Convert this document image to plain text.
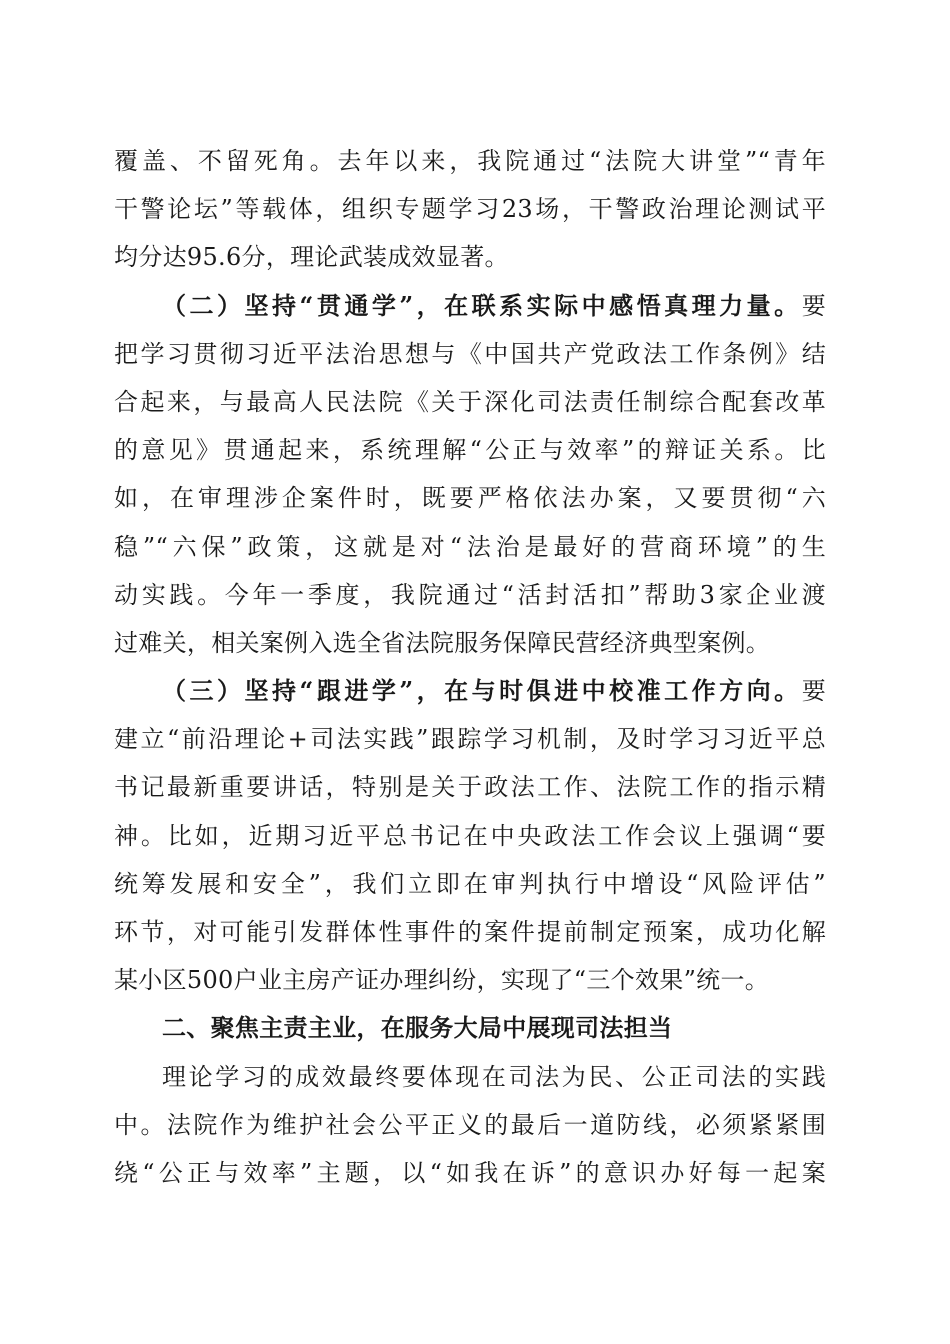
覆盖、不留死角。去年以来，我院通过“法院大讲堂”“青年
干警论坛”等载体，组织专题学习23场，干警政治理论测试平
均分达95.6分，理论武装成效显著。
（二）坚持“贯通学”，在联系实际中感悟真理力量。要
把学习贯彻习近平法治思想与《中国共产党政法工作条例》结
合起来，与最高人民法院《关于深化司法责任制综合配套改革
的意见》贯通起来，系统理解“公正与效率”的辩证关系。比
如，在审理涉企案件时，既要严格依法办案，又要贯彻“六
稳”“六保”政策，这就是对“法治是最好的营商环境”的生
动实践。今年一季度，我院通过“活封活扣”帮助3家企业渡
过难关，相关案例入选全省法院服务保障民营经济典型案例。
（三）坚持“跟进学”，在与时俱进中校准工作方向。要
建立“前沿理论+司法实践”跟踪学习机制，及时学习习近平总
书记最新重要讲话，特别是关于政法工作、法院工作的指示精
神。比如，近期习近平总书记在中央政法工作会议上强调“要
统筹发展和安全”，我们立即在审判执行中增设“风险评估”
环节，对可能引发群体性事件的案件提前制定预案，成功化解
某小区500户业主房产证办理纠纷，实现了“三个效果”统一。
二、聚焦主责主业，在服务大局中展现司法担当
理论学习的成效最终要体现在司法为民、公正司法的实践
中。法院作为维护社会公平正义的最后一道防线，必须紧紧围
绕“公正与效率”主题，以“如我在诉”的意识办好每一起案
